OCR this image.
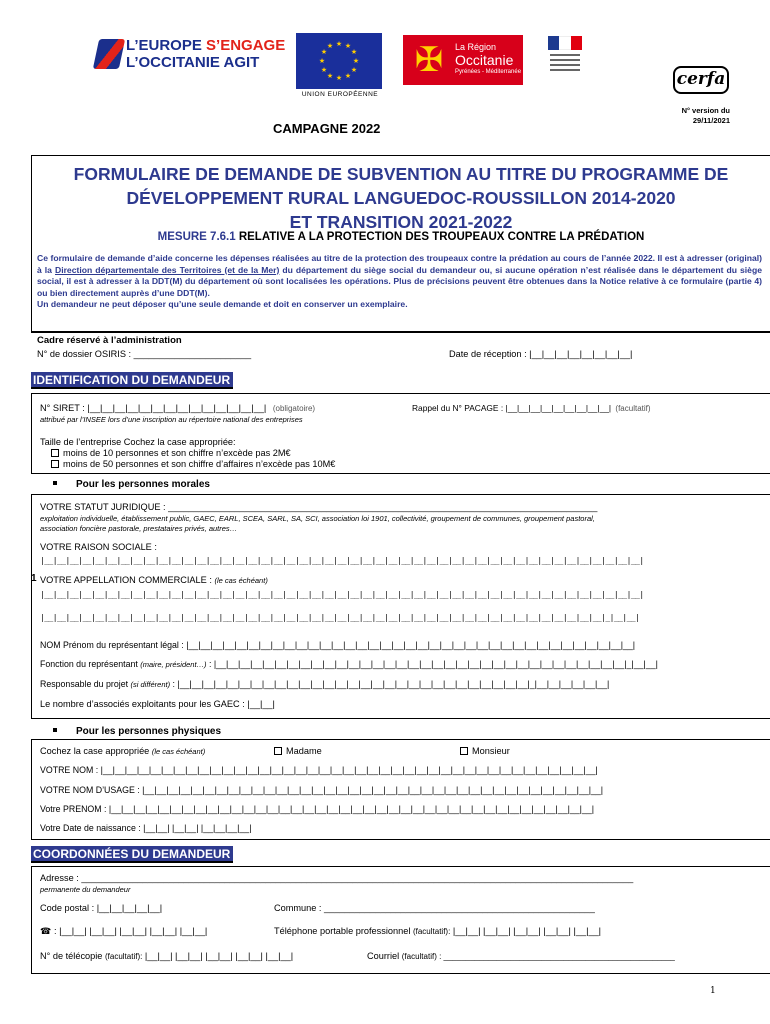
L’EUROPE S’ENGAGE
L’OCCITANIE AGIT
★ ★
★
★
★
★
★
★
★
★
★
★
UNION EUROPÉENNE
✠	La Région
Occitanie
Pyrénées - Méditerranée	cerfa
N° version du
29/11/2021
CAMPAGNE 2022
FORMULAIRE DE DEMANDE DE SUBVENTION AU TITRE DU PROGRAMME DE
DÉVELOPPEMENT RURAL LANGUEDOC-ROUSSILLON 2014-2020
ET TRANSITION 2021-2022
MESURE 7.6.1 RELATIVE A LA PROTECTION DES TROUPEAUX CONTRE LA PRÉDATION
Ce formulaire de demande d’aide concerne les dépenses réalisées au titre de la protection des troupeaux contre la prédation au cours de l’année 2022. Il est à adresser (original) à la Direction départementale des Territoires (et de la Mer) du département du siège social du demandeur ou, si aucune opération n’est réalisée dans le département du siège social, il est à adresser à la DDT(M) du département où sont localisées les opérations. Plus de précisions peuvent être obtenues dans la Notice relative à ce formulaire (partie 4) ou bien directement auprès d’une DDT(M).
Un demandeur ne peut déposer qu’une seule demande et doit en conserver un exemplaire.
Cadre réservé à l’administration
N° de dossier OSIRIS : _______________________	Date de réception : |__|__|__|__|__|__|__|__|
IDENTIFICATION DU DEMANDEUR
N° SIRET : |__|__|__|__|__|__|__|__|__|__|__|__|__|__| (obligatoire)	Rappel du N° PACAGE : |__|__|__|__|__|__|__|__|__| (facultatif)
attribué par l’INSEE lors d’une inscription au répertoire national des entreprises
Taille de l’entreprise Cochez la case appropriée:
moins de 10 personnes et son chiffre n’excède pas 2M€
moins de 50 personnes et son chiffre d’affaires n’excède pas 10M€
Pour les personnes morales
1
VOTRE STATUT JURIDIQUE : ____________________________________________________________________________________
exploitation individuelle, établissement public, GAEC, EARL, SCEA, SARL, SA, SCI, association loi 1901, collectivité, groupement de communes, groupement pastoral,
association foncière pastorale, prestataires privés, autres…
VOTRE RAISON SOCIALE :
|__|__|__|__|__|__|__|__|__|__|__|__|__|__|__|__|__|__|__|__|__|__|__|__|__|__|__|__|__|__|__|__|__|__|__|__|__|__|__|__|__|__|__|__|__|__|__|
VOTRE APPELLATION COMMERCIALE : (le cas échéant)
|__|__|__|__|__|__|__|__|__|__|__|__|__|__|__|__|__|__|__|__|__|__|__|__|__|__|__|__|__|__|__|__|__|__|__|__|__|__|__|__|__|__|__|__|__|__|__|
|__|__|__|__|__|__|__|__|__|__|__|__|__|__|__|__|__|__|__|__|__|__|__|__|__|__|__|__|__|__|__|__|__|__|__|__|__|__|__|__|__|__|__|__|_|__|__|
NOM Prénom du représentant légal : |__|__|__|__|__|__|__|__|__|__|__|__|__|__|__|__|__|__|__|__|__|__|__|__|__|__|__|__|__|__|__|__|__|__|__|__|__|
Fonction du représentant (maire, président…) : |__|__|__|__|__|__|__|__|__|__|__|__|__|__|__|__|__|__|__|__|__|__|__|__|__|__|__|__|__|__|__|__|__|__|_|__|__|
Responsable du projet (si différent) : |__|__|__|__|__|__|__|__|__|__|__|__|__|__|__|__|__|__|__|__|__|__|__|__|__|__|__|__|__|_|__|__|__|__|__|__|
Le nombre d’associés exploitants pour les GAEC : |__|__|
Pour les personnes physiques
Cochez la case appropriée (le cas échéant)	Madame	Monsieur
VOTRE NOM : |__|__|__|__|__|__|__|__|__|__|__|__|__|__|__|__|__|__|__|__|__|__|__|__|__|__|__|__|__|__|__|__|__|__|__|__|__|__|__|__|__|
VOTRE NOM D’USAGE : |__|__|__|__|__|__|__|__|__|__|__|__|__|__|__|__|__|__|__|__|__|__|__|__|__|__|__|__|__|__|__|__|__|__|__|__|__|__|
Votre PRENOM : |__|__|__|__|__|__|__|__|__|__|__|__|__|__|__|__|__|__|__|__|__|__|__|__|__|__|__|__|__|__|__|__|__|__|__|__|__|__|__|__|
Votre Date de naissance : |__|__| |__|__| |__|__|__|__|
COORDONNÉES DU DEMANDEUR
Adresse : ____________________________________________________________________________________________________________
permanente du demandeur
Code postal : |__|__|__|__|__|	Commune : _____________________________________________________
☎ : |__|__| |__|__| |__|__| |__|__| |__|__|	Téléphone portable professionnel (facultatif): |__|__| |__|__| |__|__| |__|__| |__|__|
N° de télécopie (facultatif): |__|__| |__|__| |__|__| |__|__| |__|__|	Courriel (facultatif) : ____________________________________________________
1
